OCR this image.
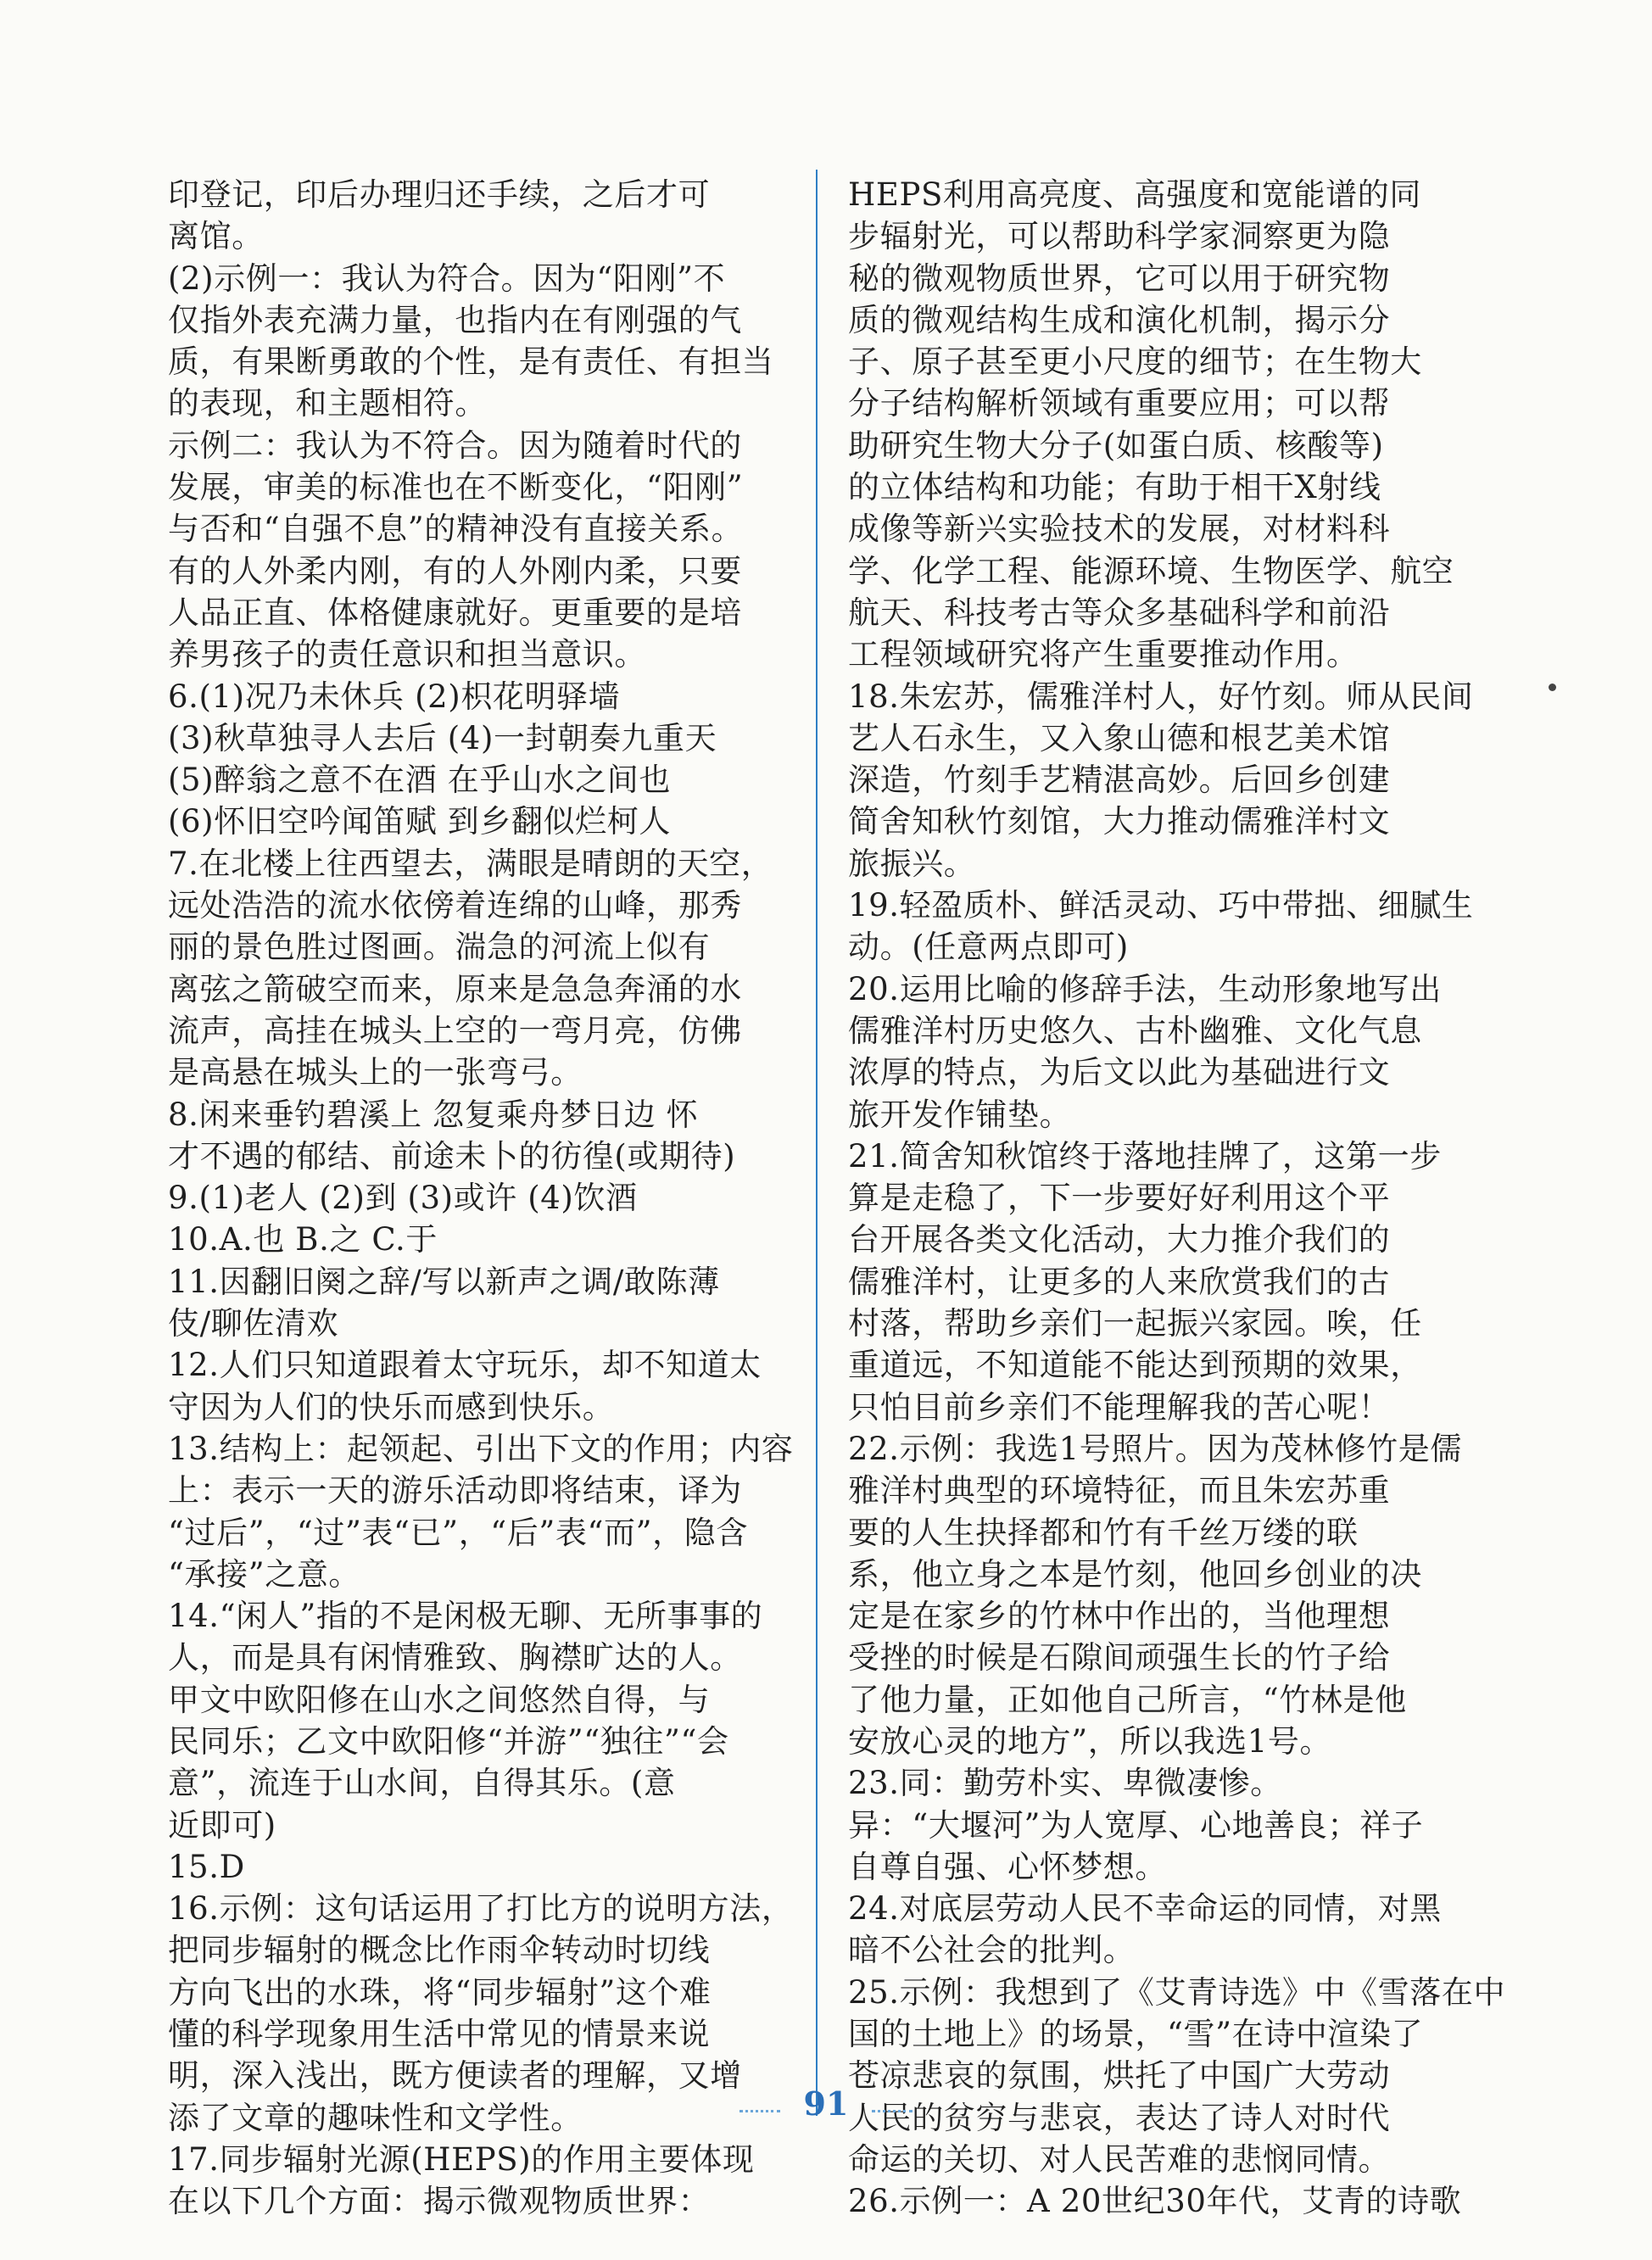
印登记，印后办理归还手续，之后才可
离馆。
(2)示例一：我认为符合。因为“阳刚”不
仅指外表充满力量，也指内在有刚强的气
质，有果断勇敢的个性，是有责任、有担当
的表现，和主题相符。
示例二：我认为不符合。因为随着时代的
发展，审美的标准也在不断变化，“阳刚”
与否和“自强不息”的精神没有直接关系。
有的人外柔内刚，有的人外刚内柔，只要
人品正直、体格健康就好。更重要的是培
养男孩子的责任意识和担当意识。
6.(1)况乃未休兵 (2)枳花明驿墙
(3)秋草独寻人去后 (4)一封朝奏九重天
(5)醉翁之意不在酒 在乎山水之间也
(6)怀旧空吟闻笛赋 到乡翻似烂柯人
7.在北楼上往西望去，满眼是晴朗的天空，
远处浩浩的流水依傍着连绵的山峰，那秀
丽的景色胜过图画。湍急的河流上似有
离弦之箭破空而来，原来是急急奔涌的水
流声，高挂在城头上空的一弯月亮，仿佛
是高悬在城头上的一张弯弓。
8.闲来垂钓碧溪上 忽复乘舟梦日边 怀
才不遇的郁结、前途未卜的彷徨(或期待)
9.(1)老人 (2)到 (3)或许 (4)饮酒
10.A.也 B.之 C.于
11.因翻旧阕之辞/写以新声之调/敢陈薄
伎/聊佐清欢
12.人们只知道跟着太守玩乐，却不知道太
守因为人们的快乐而感到快乐。
13.结构上：起领起、引出下文的作用；内容
上：表示一天的游乐活动即将结束，译为
“过后”，“过”表“已”，“后”表“而”，隐含
“承接”之意。
14.“闲人”指的不是闲极无聊、无所事事的
人，而是具有闲情雅致、胸襟旷达的人。
甲文中欧阳修在山水之间悠然自得，与
民同乐；乙文中欧阳修“并游”“独往”“会
意”，流连于山水间，自得其乐。(意
近即可)
15.D
16.示例：这句话运用了打比方的说明方法，
把同步辐射的概念比作雨伞转动时切线
方向飞出的水珠，将“同步辐射”这个难
懂的科学现象用生活中常见的情景来说
明，深入浅出，既方便读者的理解，又增
添了文章的趣味性和文学性。
17.同步辐射光源(HEPS)的作用主要体现
在以下几个方面：揭示微观物质世界：
HEPS利用高亮度、高强度和宽能谱的同
步辐射光，可以帮助科学家洞察更为隐
秘的微观物质世界，它可以用于研究物
质的微观结构生成和演化机制，揭示分
子、原子甚至更小尺度的细节；在生物大
分子结构解析领域有重要应用；可以帮
助研究生物大分子(如蛋白质、核酸等)
的立体结构和功能；有助于相干X射线
成像等新兴实验技术的发展，对材料科
学、化学工程、能源环境、生物医学、航空
航天、科技考古等众多基础科学和前沿
工程领域研究将产生重要推动作用。
18.朱宏苏，儒雅洋村人，好竹刻。师从民间
艺人石永生，又入象山德和根艺美术馆
深造，竹刻手艺精湛高妙。后回乡创建
简舍知秋竹刻馆，大力推动儒雅洋村文
旅振兴。
19.轻盈质朴、鲜活灵动、巧中带拙、细腻生
动。(任意两点即可)
20.运用比喻的修辞手法，生动形象地写出
儒雅洋村历史悠久、古朴幽雅、文化气息
浓厚的特点，为后文以此为基础进行文
旅开发作铺垫。
21.简舍知秋馆终于落地挂牌了，这第一步
算是走稳了，下一步要好好利用这个平
台开展各类文化活动，大力推介我们的
儒雅洋村，让更多的人来欣赏我们的古
村落，帮助乡亲们一起振兴家园。唉，任
重道远，不知道能不能达到预期的效果，
只怕目前乡亲们不能理解我的苦心呢！
22.示例：我选1号照片。因为茂林修竹是儒
雅洋村典型的环境特征，而且朱宏苏重
要的人生抉择都和竹有千丝万缕的联
系，他立身之本是竹刻，他回乡创业的决
定是在家乡的竹林中作出的，当他理想
受挫的时候是石隙间顽强生长的竹子给
了他力量，正如他自己所言，“竹林是他
安放心灵的地方”，所以我选1号。
23.同：勤劳朴实、卑微凄惨。
异：“大堰河”为人宽厚、心地善良；祥子
自尊自强、心怀梦想。
24.对底层劳动人民不幸命运的同情，对黑
暗不公社会的批判。
25.示例：我想到了《艾青诗选》中《雪落在中
国的土地上》的场景，“雪”在诗中渲染了
苍凉悲哀的氛围，烘托了中国广大劳动
人民的贫穷与悲哀，表达了诗人对时代
命运的关切、对人民苦难的悲悯同情。
26.示例一：A 20世纪30年代，艾青的诗歌
91
